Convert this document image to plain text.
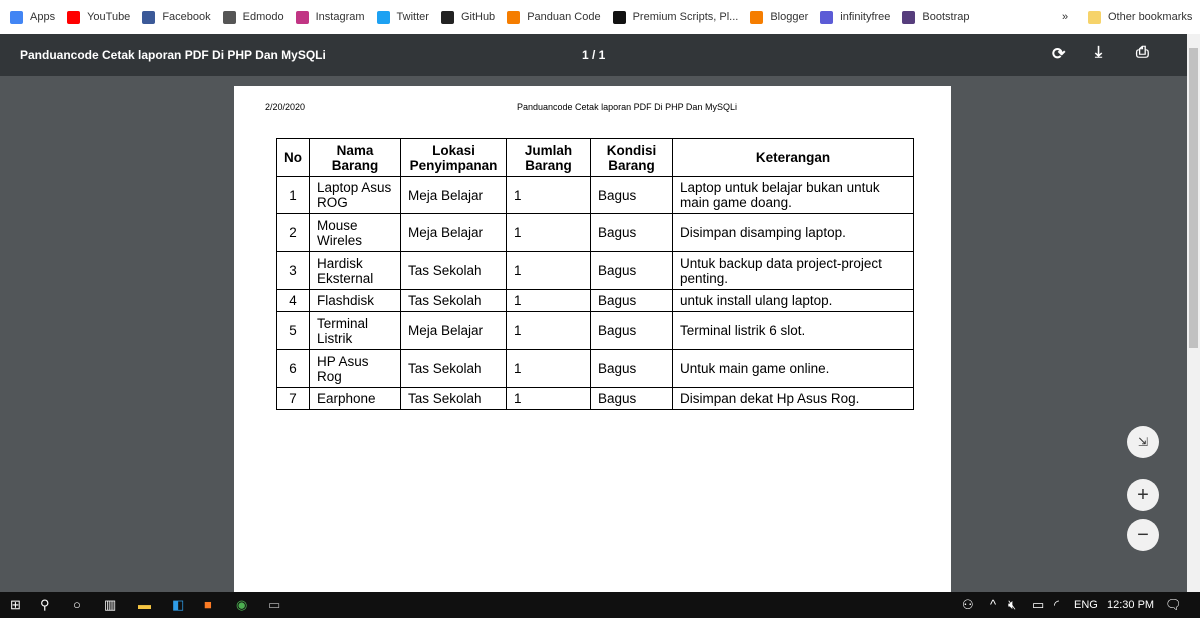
Apps	YouTube	Facebook	Edmodo	Instagram	Twitter	GitHub	Panduan Code	Premium Scripts, Pl...	Blogger	infinityfree	Bootstrap	»	Other bookmarks
Panduancode Cetak laporan PDF Di PHP Dan MySQLi	1 / 1	⟳ ⤓ ⎙
2/20/2020	Panduancode Cetak laporan PDF Di PHP Dan MySQLi
No	Nama Barang	Lokasi Penyimpanan	Jumlah Barang	Kondisi Barang	Keterangan
1	Laptop Asus ROG	Meja Belajar	1	Bagus	Laptop untuk belajar bukan untuk main game doang.
2	Mouse Wireles	Meja Belajar	1	Bagus	Disimpan disamping laptop.
3	Hardisk Eksternal	Tas Sekolah	1	Bagus	Untuk backup data project-project penting.
4	Flashdisk	Tas Sekolah	1	Bagus	untuk install ulang laptop.
5	Terminal Listrik	Meja Belajar	1	Bagus	Terminal listrik 6 slot.
6	HP Asus Rog	Tas Sekolah	1	Bagus	Untuk main game online.
7	Earphone	Tas Sekolah	1	Bagus	Disimpan dekat Hp Asus Rog.
⇲
+
−
⊞ ⚲ ○ ▥ ▬ ◧ ■ ◉ ▭	⚇ ^ 🔇︎ ▭ ◜ ENG 12:30 PM 🗨︎
